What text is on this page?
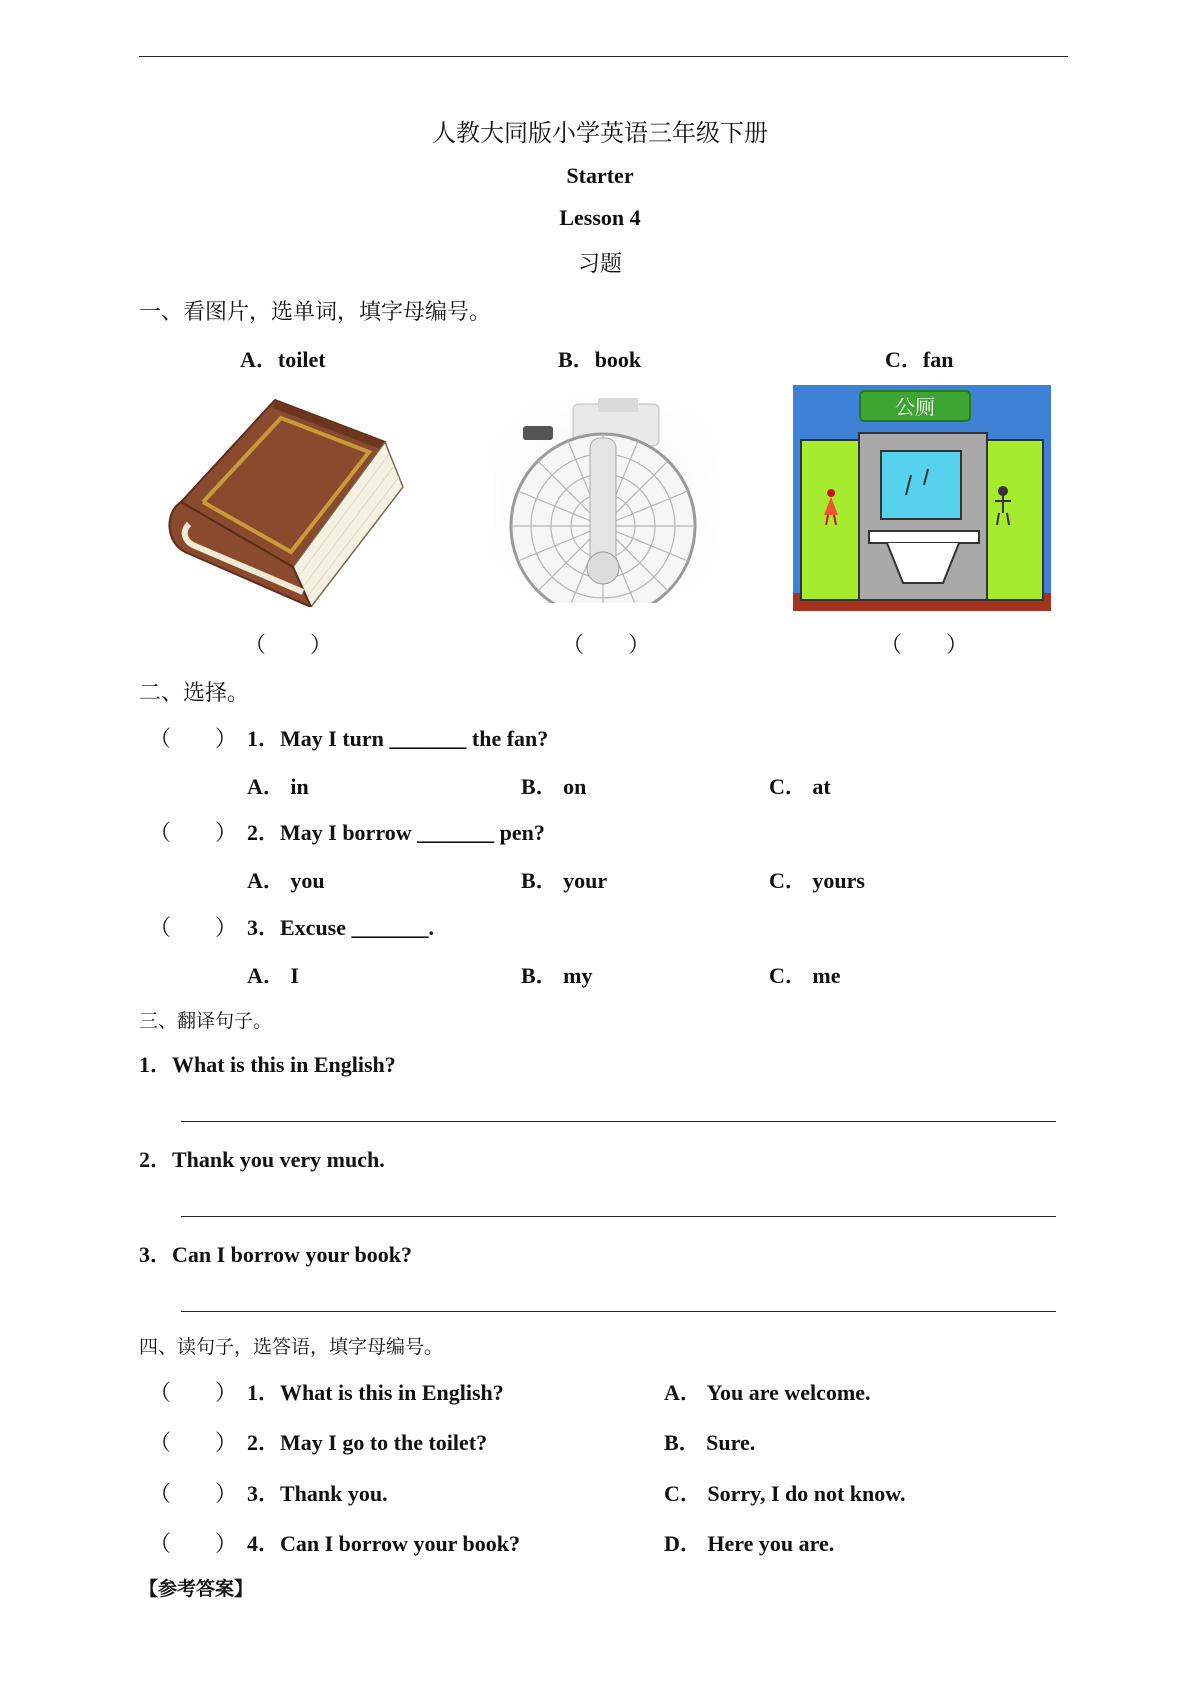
人教大同版小学英语三年级下册
Starter
Lesson 4
习题
一、看图片，选单词，填字母编号。
A．toilet	B．book	C．fan
公厕
（　　）	（　　）	（　　）
二、选择。
（　　） 1．May I turn _______ the fan?
A． in	B． on	C． at
（　　） 2．May I borrow _______ pen?
A． you	B． your	C． yours
（　　） 3．Excuse _______.
A． I	B． my	C． me
三、翻译句子。
1．What is this in English?
2．Thank you very much.
3．Can I borrow your book?
四、读句子，选答语，填字母编号。
（　　） 1．What is this in English?	A． You are welcome.
（　　） 2．May I go to the toilet?	B． Sure.
（　　） 3．Thank you.	C． Sorry, I do not know.
（　　） 4．Can I borrow your book?	D． Here you are.
【参考答案】
